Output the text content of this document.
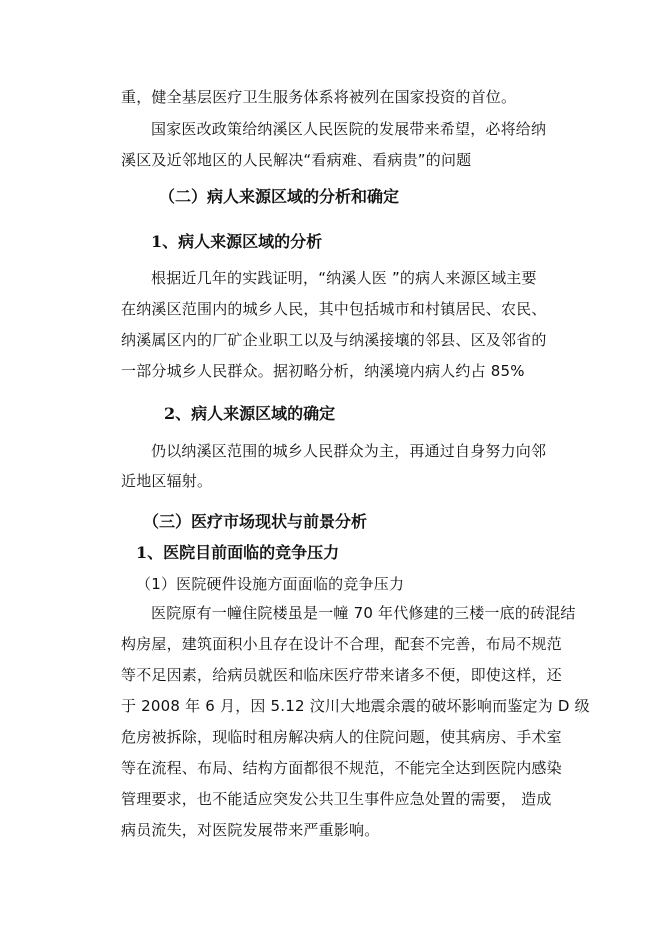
重，健全基层医疗卫生服务体系将被列在国家投资的首位。
国家医改政策给纳溪区人民医院的发展带来希望，必将给纳
溪区及近邻地区的人民解决“看病难、看病贵”的问题
（二）病人来源区域的分析和确定
1、病人来源区域的分析
根据近几年的实践证明，“纳溪人医 ”的病人来源区域主要
在纳溪区范围内的城乡人民，其中包括城市和村镇居民、农民、
纳溪属区内的厂矿企业职工以及与纳溪接壤的邻县、区及邻省的
一部分城乡人民群众。据初略分析，纳溪境内病人约占 85%
2、病人来源区域的确定
仍以纳溪区范围的城乡人民群众为主，再通过自身努力向邻
近地区辐射。
（三）医疗市场现状与前景分析
1、医院目前面临的竞争压力
（1）医院硬件设施方面面临的竞争压力
医院原有一幢住院楼虽是一幢 70 年代修建的三楼一底的砖混结
构房屋，建筑面积小且存在设计不合理，配套不完善，布局不规范
等不足因素，给病员就医和临床医疗带来诸多不便，即使这样，还
于 2008 年 6 月，因 5.12 汶川大地震余震的破坏影响而鉴定为 D 级
危房被拆除，现临时租房解决病人的住院问题，使其病房、手术室
等在流程、布局、结构方面都很不规范，不能完全达到医院内感染
管理要求，也不能适应突发公共卫生事件应急处置的需要， 造成
病员流失，对医院发展带来严重影响。
